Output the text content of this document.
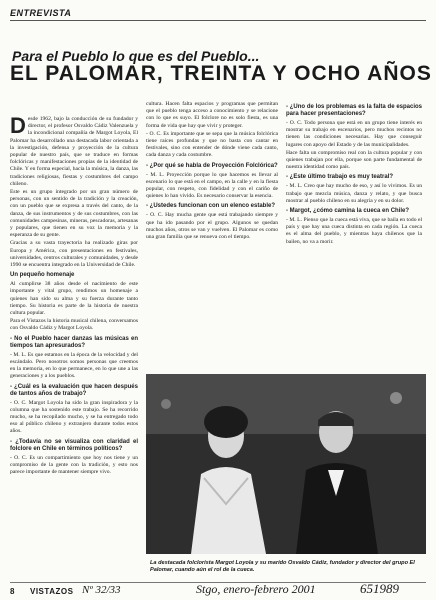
ENTREVISTA
Para el Pueblo lo que es del Pueblo...
EL PALOMAR, TREINTA Y OCHO AÑOS

D esde 1962, bajo la conducción de su fundador y director, el profesor Osvaldo Cádiz Valenzuela y la incondicional compañía de Margot Loyola, El Palomar ha desarrollado una destacada labor orientada a la investigación, defensa y proyección de la cultura popular de nuestro país, que se traduce en formas folclóricas y manifestaciones propias de la identidad de Chile. Y en forma especial, hacia la música, la danza, las tradiciones religiosas, fiestas y costumbres del campo chileno.

Este es un grupo integrado por un gran número de personas, con un sentido de la tradición y la creación, con un pueblo que se expresa a través del canto, de la danza, de sus instrumentos y de sus costumbres, con las comunidades campesinas, mineras, pescadoras, artesanas y populares, que tienen en su voz la memoria y la esperanza de su gente.

Gracias a su vasta trayectoria ha realizado giras por Europa y América, con presentaciones en festivales, universidades, centros culturales y comunidades, y desde 1990 se encuentra integrado en la Universidad de Chile.

Un pequeño homenaje

Al cumplirse 38 años desde el nacimiento de este importante y vital grupo, rendimos un homenaje a quienes han sido su alma y su fuerza durante tanto tiempo. Su historia es parte de la historia de nuestra cultura popular.

Para el Vistazos la historia musical chilena, conversamos con Osvaldo Cádiz y Margot Loyola.

- No el Pueblo hacer danzas las músicas en tiempos tan apresurados?

- M. L. Es que estamos en la época de la velocidad y del escándalo. Pero nosotros somos personas que creemos en la memoria, en lo que permanece, en lo que une a las generaciones y a los pueblos.

- ¿Cuál es la evaluación que hacen después de tantos años de trabajo?

- O. C. Margot Loyola ha sido la gran inspiradora y la columna que ha sostenido este trabajo. Se ha recorrido mucho, se ha recopilado mucho, y se ha entregado todo eso al público chileno y extranjero durante todos estos años.

- ¿Todavía no se visualiza con claridad el folclore en Chile en términos políticos?

- O. C. Es un compartimiento que hoy nos tiene y un compromiso de la gente con la tradición, y esto nos parece importante de mantener siempre vivo.

cultura. Hacen falta espacios y programas que permitan que el pueblo tenga acceso a conocimiento y se relacione con lo que es suyo. El folclore no es solo fiesta, es una forma de vida que hay que vivir y proteger.

- O. C. Es importante que se sepa que la música folclórica tiene raíces profundas y que no basta con cantar en festivales, sino con entender de dónde viene cada canto, cada danza y cada costumbre.

- ¿Por qué se habla de Proyección Folclórica?

- M. L. Proyección porque lo que hacemos es llevar al escenario lo que está en el campo, en la calle y en la fiesta popular, con respeto, con fidelidad y con el cariño de quienes lo han vivido. Es necesario conservar la esencia.

- ¿Ustedes funcionan con un elenco estable?

- O. C. Hay mucha gente que está trabajando siempre y que ha ido pasando por el grupo. Algunos se quedan muchos años, otros se van y vuelven. El Palomar es como una gran familia que se renueva con el tiempo.

- ¿Uno de los problemas es la falta de espacios para hacer presentaciones?

- O. C. Todo persona que está en un grupo tiene interés en mostrar su trabajo en escenarios, pero muchos recintos no tienen las condiciones necesarias. Hay que conseguir lugares con apoyo del Estado y de las municipalidades.

Hace falta un compromiso real con la cultura popular y con quienes trabajan por ella, porque son parte fundamental de nuestra identidad como país.

- ¿Este último trabajo es muy teatral?

- M. L. Creo que hay mucho de eso, y así lo vivimos. Es un trabajo que mezcla música, danza y relato, y que busca mostrar al pueblo chileno en su alegría y en su dolor.

- Margot, ¿cómo camina la cueca en Chile?

- M. L. Pienso que la cueca está viva, que se baila en todo el país y que hay una cueca distinta en cada región. La cueca es el alma del pueblo, y mientras haya chilenos que la bailen, no va a morir.

La destacada folclorista Margot Loyola y su marido Osvaldo Cádiz, fundador y director del grupo El Palomar, cuando aún el rol de la cueca.
8 VISTAZOS Nº 32/33	Stgo, enero-febrero 2001	651989
